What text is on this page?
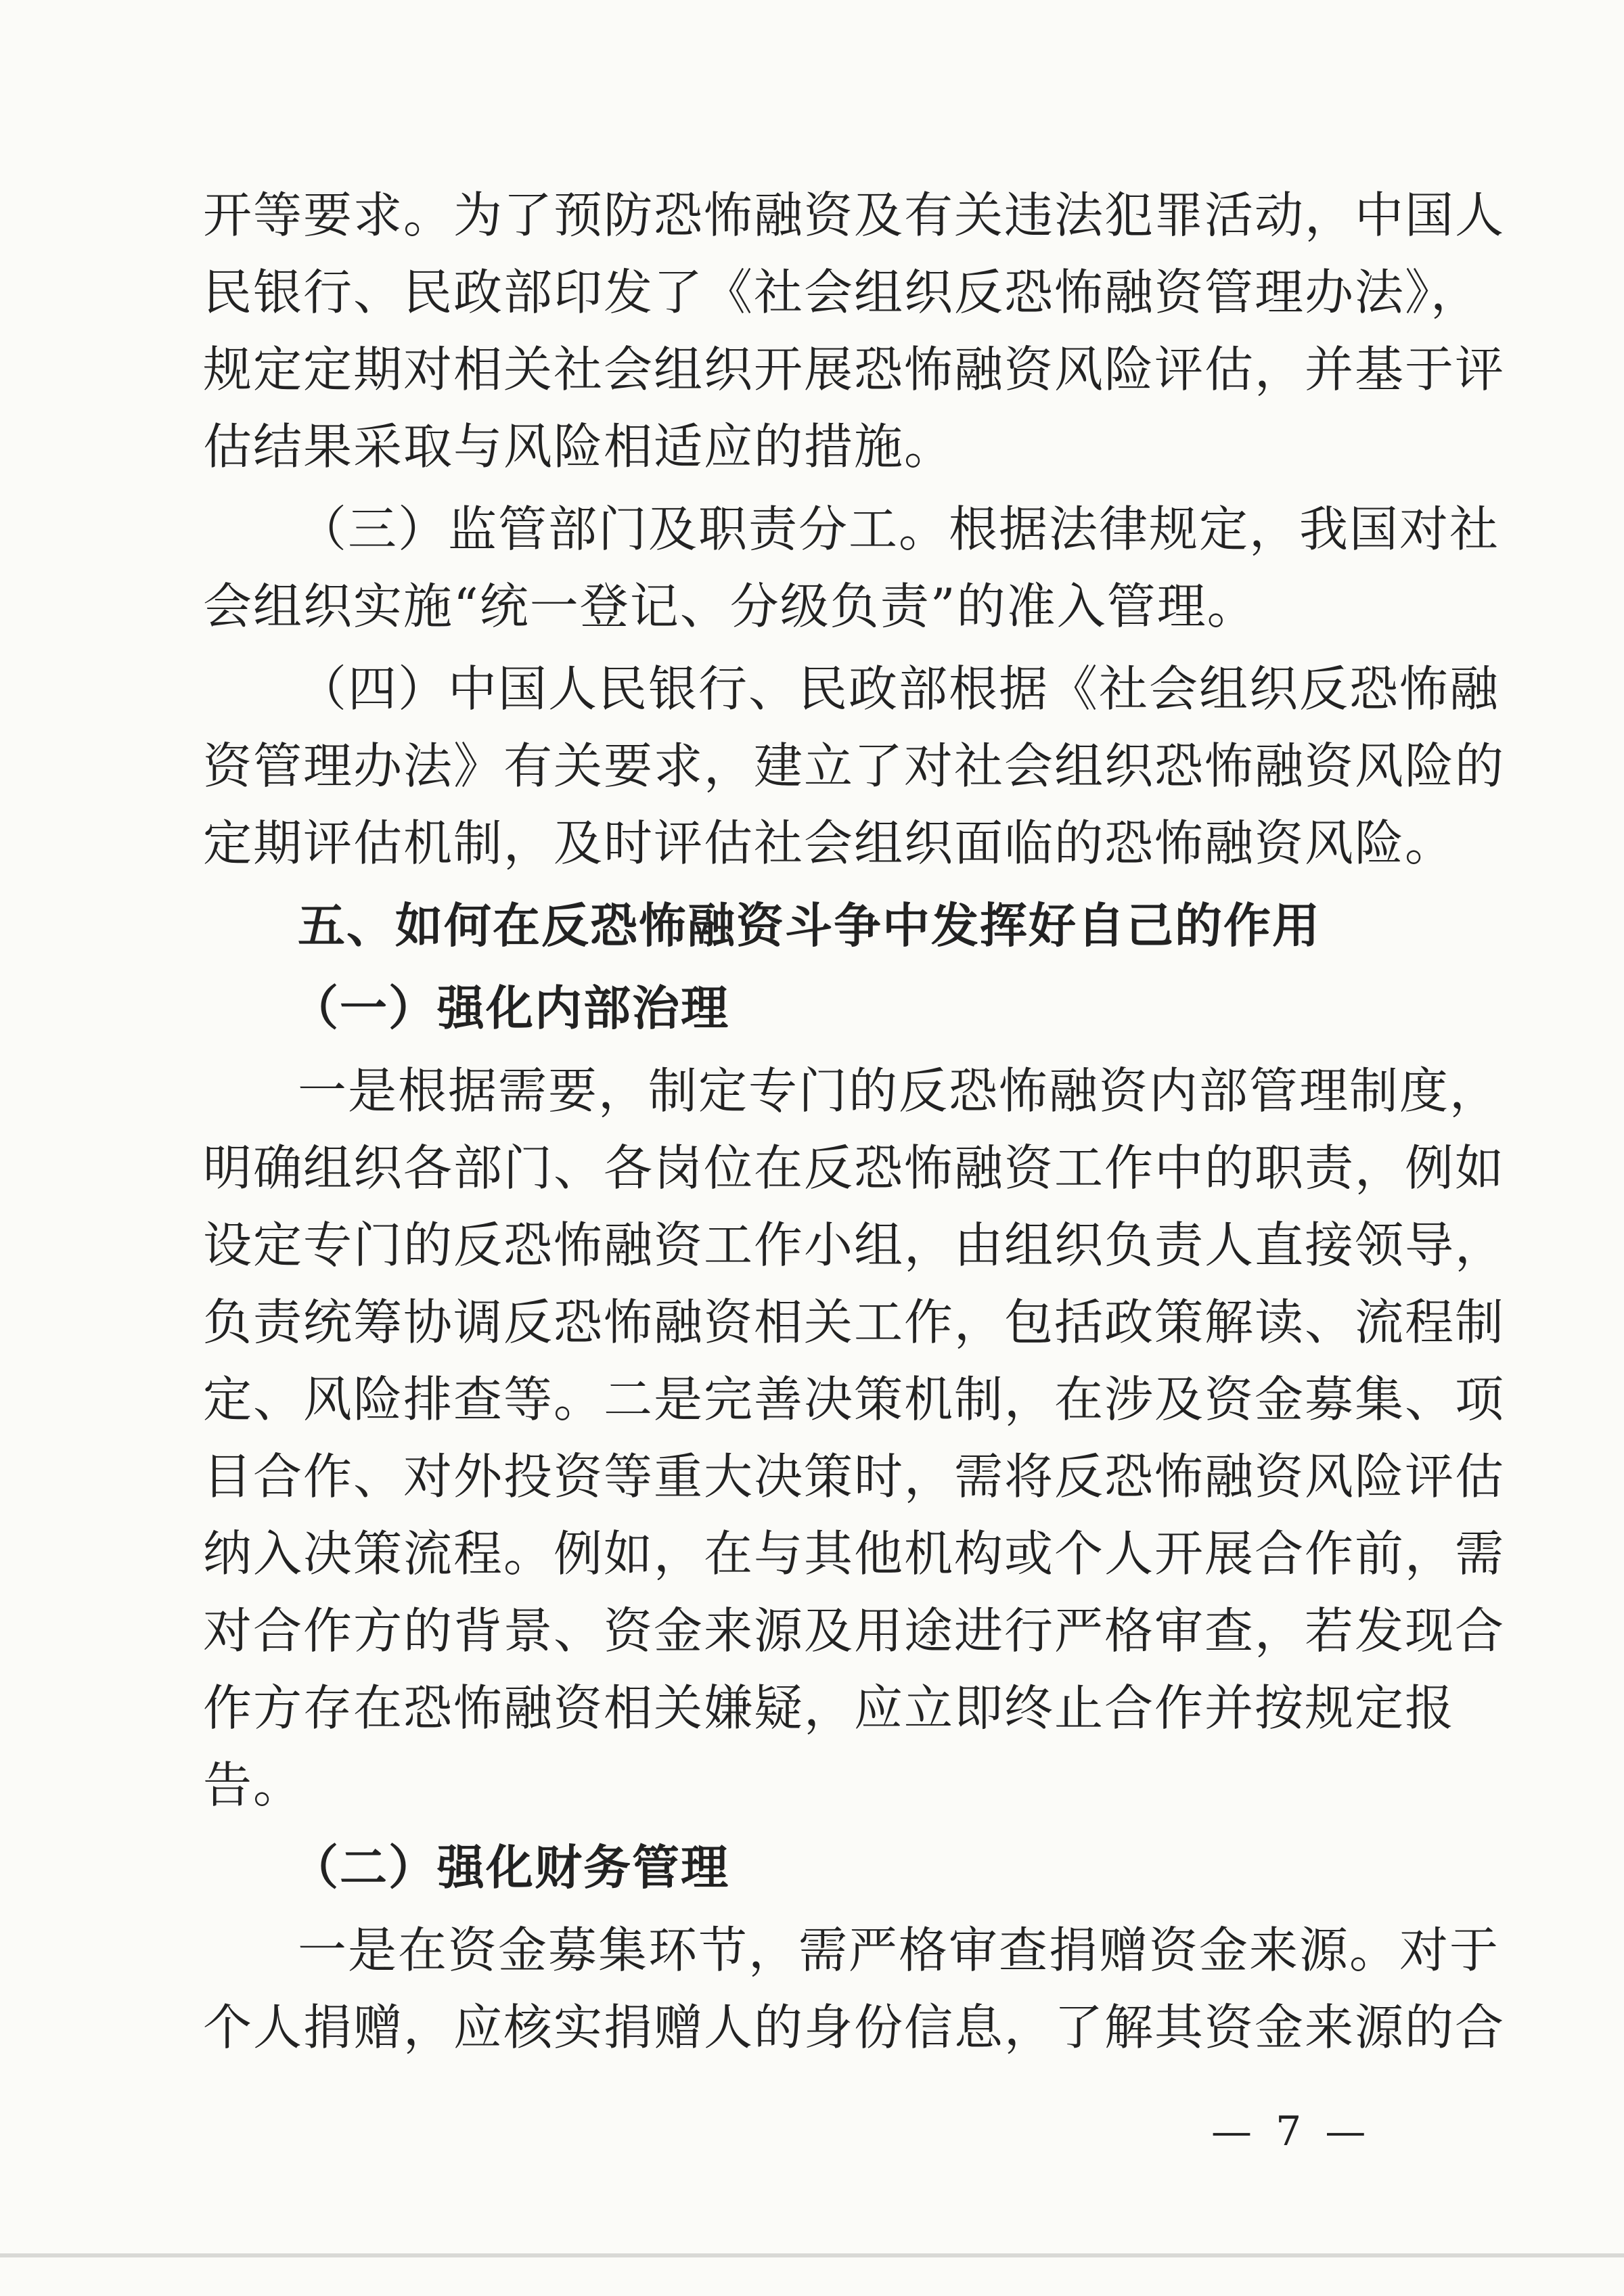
开等要求。为了预防恐怖融资及有关违法犯罪活动，中国人
民银行、民政部印发了《社会组织反恐怖融资管理办法》，
规定定期对相关社会组织开展恐怖融资风险评估，并基于评
估结果采取与风险相适应的措施。
（三）监管部门及职责分工。根据法律规定，我国对社
会组织实施“统一登记、分级负责”的准入管理。
（四）中国人民银行、民政部根据《社会组织反恐怖融
资管理办法》有关要求，建立了对社会组织恐怖融资风险的
定期评估机制，及时评估社会组织面临的恐怖融资风险。
五、如何在反恐怖融资斗争中发挥好自己的作用
（一）强化内部治理
一是根据需要，制定专门的反恐怖融资内部管理制度，
明确组织各部门、各岗位在反恐怖融资工作中的职责，例如
设定专门的反恐怖融资工作小组，由组织负责人直接领导，
负责统筹协调反恐怖融资相关工作，包括政策解读、流程制
定、风险排查等。二是完善决策机制，在涉及资金募集、项
目合作、对外投资等重大决策时，需将反恐怖融资风险评估
纳入决策流程。例如，在与其他机构或个人开展合作前，需
对合作方的背景、资金来源及用途进行严格审查，若发现合
作方存在恐怖融资相关嫌疑，应立即终止合作并按规定报
告。
（二）强化财务管理
一是在资金募集环节，需严格审查捐赠资金来源。对于
个人捐赠，应核实捐赠人的身份信息，了解其资金来源的合
— 7 —
